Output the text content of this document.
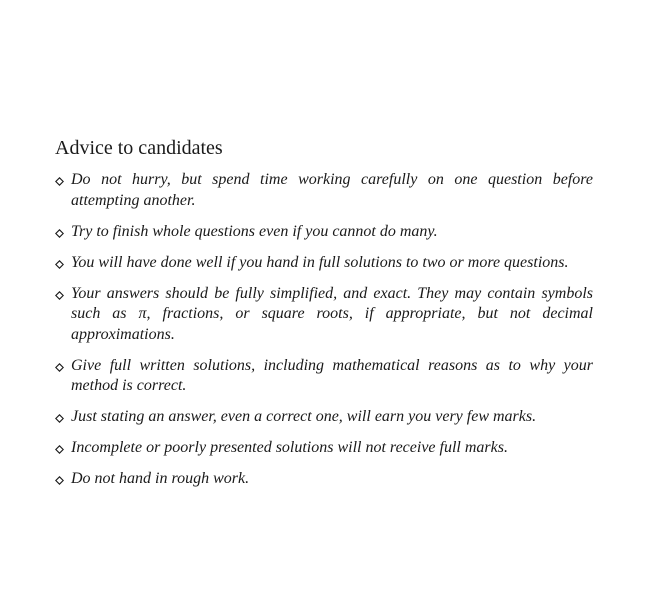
Advice to candidates
Do not hurry, but spend time working carefully on one question before attempting another.
Try to finish whole questions even if you cannot do many.
You will have done well if you hand in full solutions to two or more questions.
Your answers should be fully simplified, and exact. They may contain symbols such as π, fractions, or square roots, if appropriate, but not decimal approximations.
Give full written solutions, including mathematical reasons as to why your method is correct.
Just stating an answer, even a correct one, will earn you very few marks.
Incomplete or poorly presented solutions will not receive full marks.
Do not hand in rough work.
